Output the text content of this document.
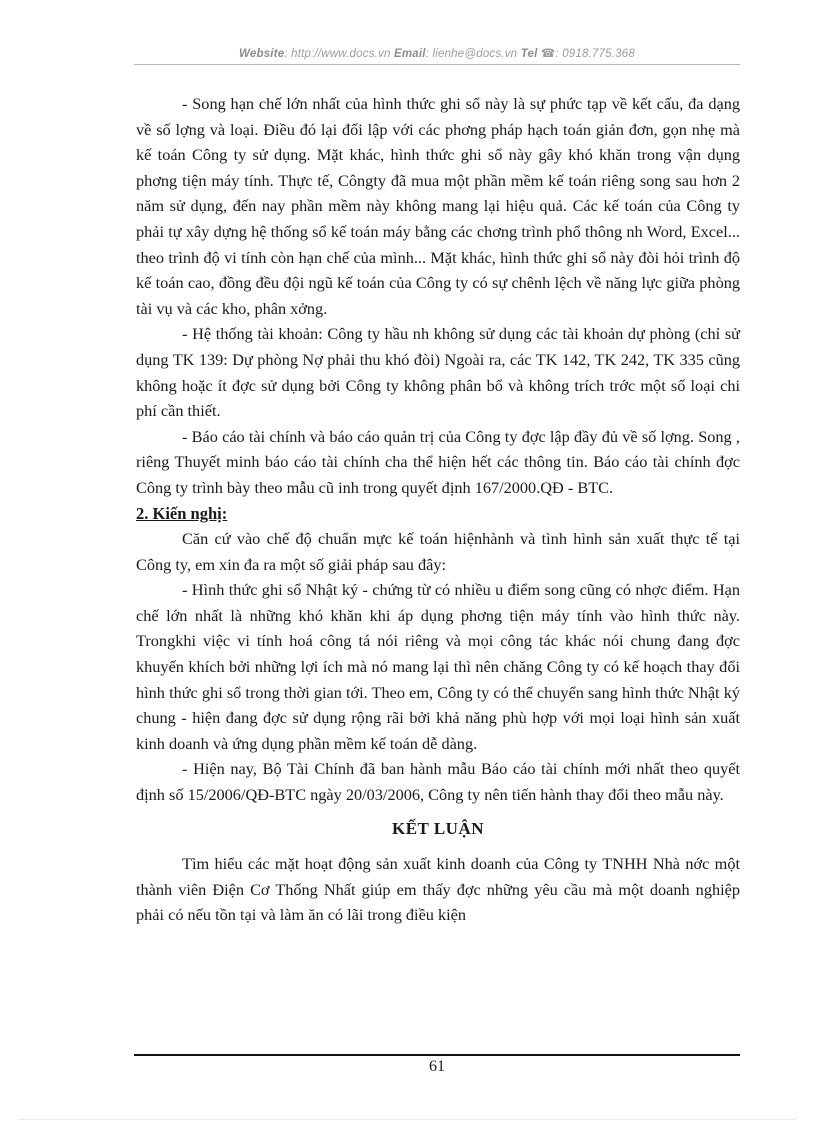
Website: http://www.docs.vn Email: lienhe@docs.vn Tel ☎: 0918.775.368

- Song hạn chế lớn nhất của hình thức ghi sổ này là sự phức tạp về kết cấu, đa dạng về số lợng và loại. Điều đó lại đối lập với các phơng pháp hạch toán giản đơn, gọn nhẹ mà kế toán Công ty sử dụng. Mặt khác, hình thức ghi sổ này gây khó khăn trong vận dụng phơng tiện máy tính. Thực tế, Côngty đã mua một phần mềm kế toán riêng song sau hơn 2 năm sử dụng, đến nay phần mềm này không mang lại hiệu quả. Các kế toán của Công ty phải tự xây dựng hệ thống sổ kế toán máy bằng các chơng trình phổ thông nh Word, Excel... theo trình độ vi tính còn hạn chế của mình... Mặt khác, hình thức ghi sổ này đòi hỏi trình độ kế toán cao, đồng đều đội ngũ kế toán của Công ty có sự chênh lệch về năng lực giữa phòng tài vụ và các kho, phân xởng.

- Hệ thống tài khoản: Công ty hầu nh không sử dụng các tài khoản dự phòng (chỉ sử dụng TK 139: Dự phòng Nợ phải thu khó đòi) Ngoài ra, các TK 142, TK 242, TK 335 cũng không hoặc ít đợc sử dụng bởi Công ty không phân bổ và không trích trớc một số loại chi phí cần thiết.

- Báo cáo tài chính và báo cáo quản trị của Công ty đợc lập đầy đủ về số lợng. Song , riêng Thuyết minh báo cáo tài chính cha thể hiện hết các thông tin. Báo cáo tài chính đợc Công ty trình bày theo mẫu cũ inh trong quyết định 167/2000.QĐ - BTC.

2. Kiến nghị:

Căn cứ vào chế độ chuẩn mực kế toán hiệnhành và tình hình sản xuất thực tế tại Công ty, em xin đa ra một số giải pháp sau đây:

- Hình thức ghi sổ Nhật ký - chứng từ có nhiều u điểm song cũng có nhợc điểm. Hạn chế lớn nhất là những khó khăn khi áp dụng phơng tiện máy tính vào hình thức này. Trongkhi việc vi tính hoá công tá nói riêng và mọi công tác khác nói chung đang đợc khuyến khích bởi những lợi ích mà nó mang lại thì nên chăng Công ty có kế hoạch thay đổi hình thức ghi sổ trong thời gian tới. Theo em, Công ty có thể chuyển sang hình thức Nhật ký chung - hiện đang đợc sử dụng rộng rãi bởi khả năng phù hợp với mọi loại hình sản xuất kinh doanh và ứng dụng phần mềm kế toán dễ dàng.

- Hiện nay, Bộ Tài Chính đã ban hành mẫu Báo cáo tài chính mới nhất theo quyết định số 15/2006/QĐ-BTC ngày 20/03/2006, Công ty nên tiến hành thay đổi theo mẫu này.

KẾT LUẬN

Tìm hiểu các mặt hoạt động sản xuất kinh doanh của Công ty TNHH Nhà nớc một thành viên Điện Cơ Thống Nhất giúp em thấy đợc những yêu cầu mà một doanh nghiệp phải có nếu tồn tại và làm ăn có lãi trong điều kiện

61
